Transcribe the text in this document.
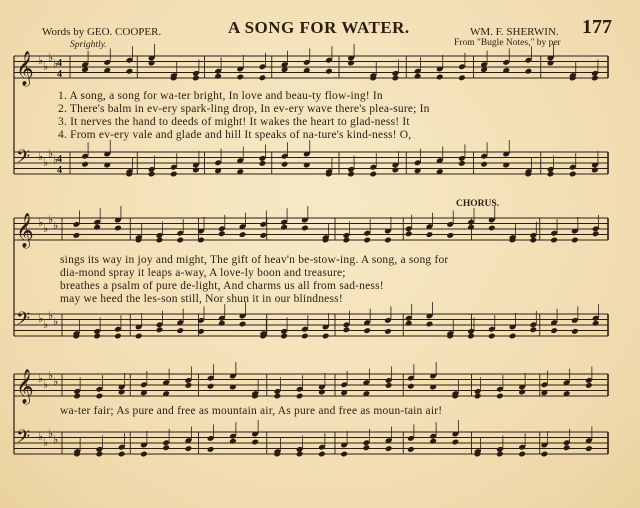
Words by GEO. COOPER.
Sprightly.
A SONG FOR WATER.	WM. F. SHERWIN.
From "Bugle Notes," by per
177
𝄞 ♭ ♭
♭ ♭
4
4
𝄢 ♭ ♭
♭ ♭
4
4
𝄞 ♭ ♭
♭ ♭
𝄢 ♭ ♭
♭ ♭
𝄞 ♭ ♭
♭ ♭
𝄢 ♭ ♭
♭ ♭
1. A song, a song for wa-ter bright, In love and beau-ty flow-ing! In
2. There's balm in ev-ery spark-ling drop, In ev-ery wave there's plea-sure; In
3. It nerves the hand to deeds of might! It wakes the heart to glad-ness! It
4. From ev-ery vale and glade and hill It speaks of na-ture's kind-ness! O,
CHORUS.
sings its way in joy and might, The gift of heav'n be-stow-ing. A song, a song for
dia-mond spray it leaps a-way, A love-ly boon and treasure;
breathes a psalm of pure de-light, And charms us all from sad-ness!
may we heed the les-son still, Nor shun it in our blindness!
wa-ter fair; As pure and free as mountain air, As pure and free as moun-tain air!
